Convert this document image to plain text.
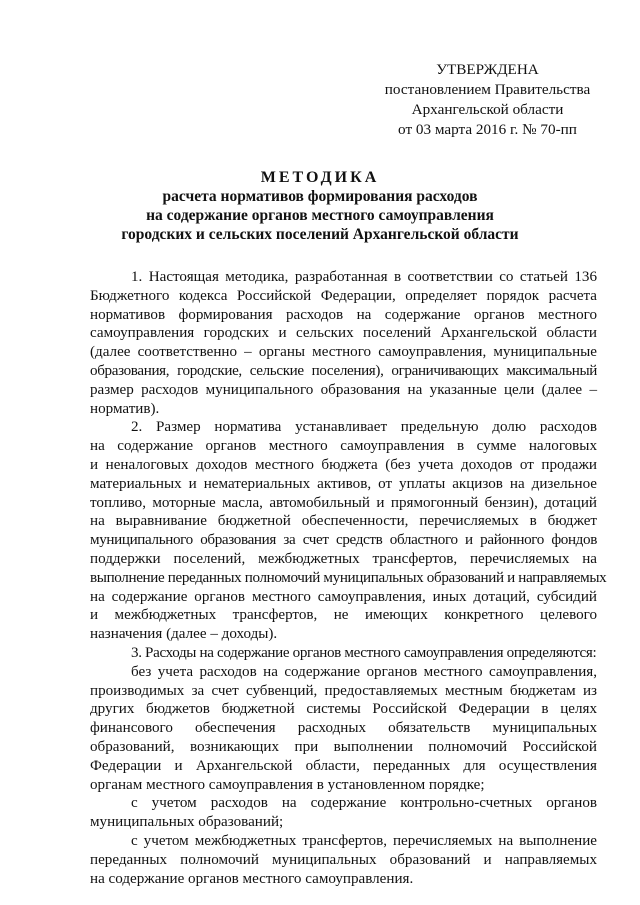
УТВЕРЖДЕНА
постановлением Правительства
Архангельской области
от 03 марта 2016 г. № 70-пп
МЕТОДИКА
расчета нормативов формирования расходов
на содержание органов местного самоуправления
городских и сельских поселений Архангельской области
1. Настоящая методика, разработанная в соответствии со статьей 136
Бюджетного кодекса Российской Федерации, определяет порядок расчета
нормативов формирования расходов на содержание органов местного
самоуправления городских и сельских поселений Архангельской области
(далее соответственно – органы местного самоуправления, муниципальные
образования, городские, сельские поселения), ограничивающих максимальный
размер расходов муниципального образования на указанные цели (далее –
норматив).
2. Размер норматива устанавливает предельную долю расходов
на содержание органов местного самоуправления в сумме налоговых
и неналоговых доходов местного бюджета (без учета доходов от продажи
материальных и нематериальных активов, от уплаты акцизов на дизельное
топливо, моторные масла, автомобильный и прямогонный бензин), дотаций
на выравнивание бюджетной обеспеченности, перечисляемых в бюджет
муниципального образования за счет средств областного и районного фондов
поддержки поселений, межбюджетных трансфертов, перечисляемых на
выполнение переданных полномочий муниципальных образований и направляемых
на содержание органов местного самоуправления, иных дотаций, субсидий
и межбюджетных трансфертов, не имеющих конкретного целевого
назначения (далее – доходы).
3. Расходы на содержание органов местного самоуправления определяются:
без учета расходов на содержание органов местного самоуправления,
производимых за счет субвенций, предоставляемых местным бюджетам из
других бюджетов бюджетной системы Российской Федерации в целях
финансового обеспечения расходных обязательств муниципальных
образований, возникающих при выполнении полномочий Российской
Федерации и Архангельской области, переданных для осуществления
органам местного самоуправления в установленном порядке;
с учетом расходов на содержание контрольно-счетных органов
муниципальных образований;
с учетом межбюджетных трансфертов, перечисляемых на выполнение
переданных полномочий муниципальных образований и направляемых
на содержание органов местного самоуправления.
